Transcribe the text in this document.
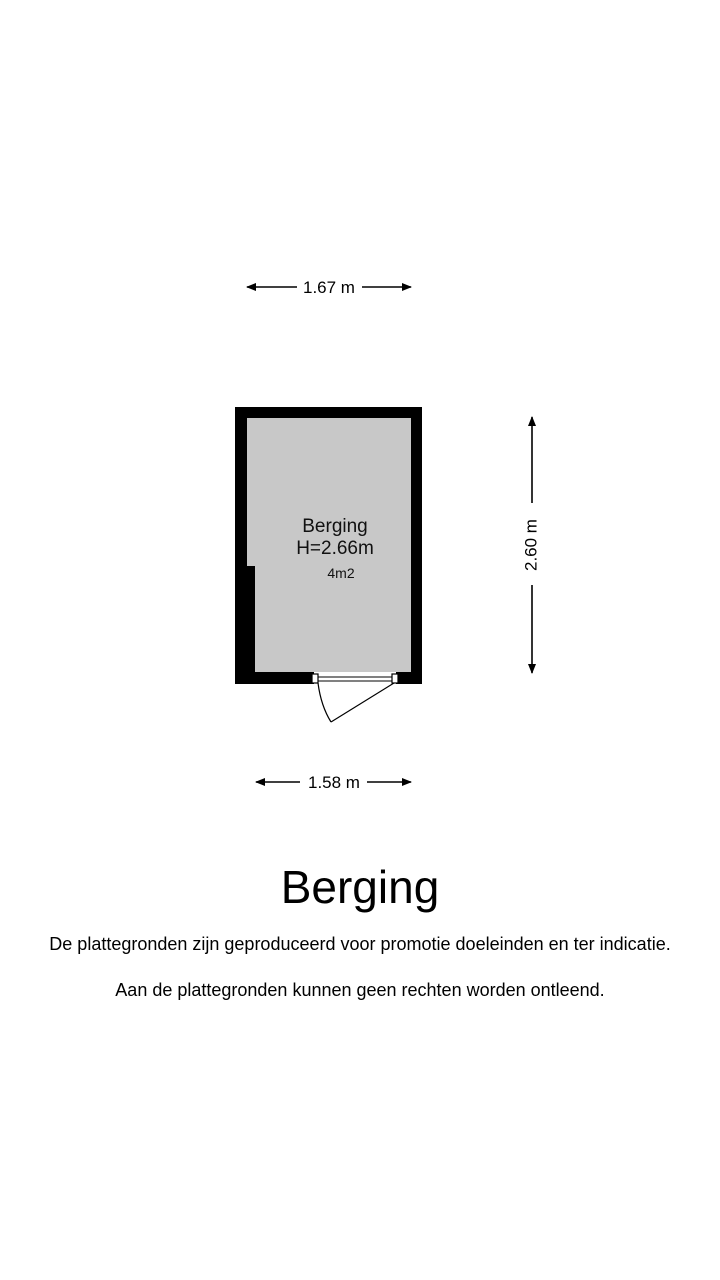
1.67 m
Berging
H=2.66m
4m2
2.60 m
1.58 m
Berging

De plattegronden zijn geproduceerd voor promotie doeleinden en ter indicatie.

Aan de plattegronden kunnen geen rechten worden ontleend.
